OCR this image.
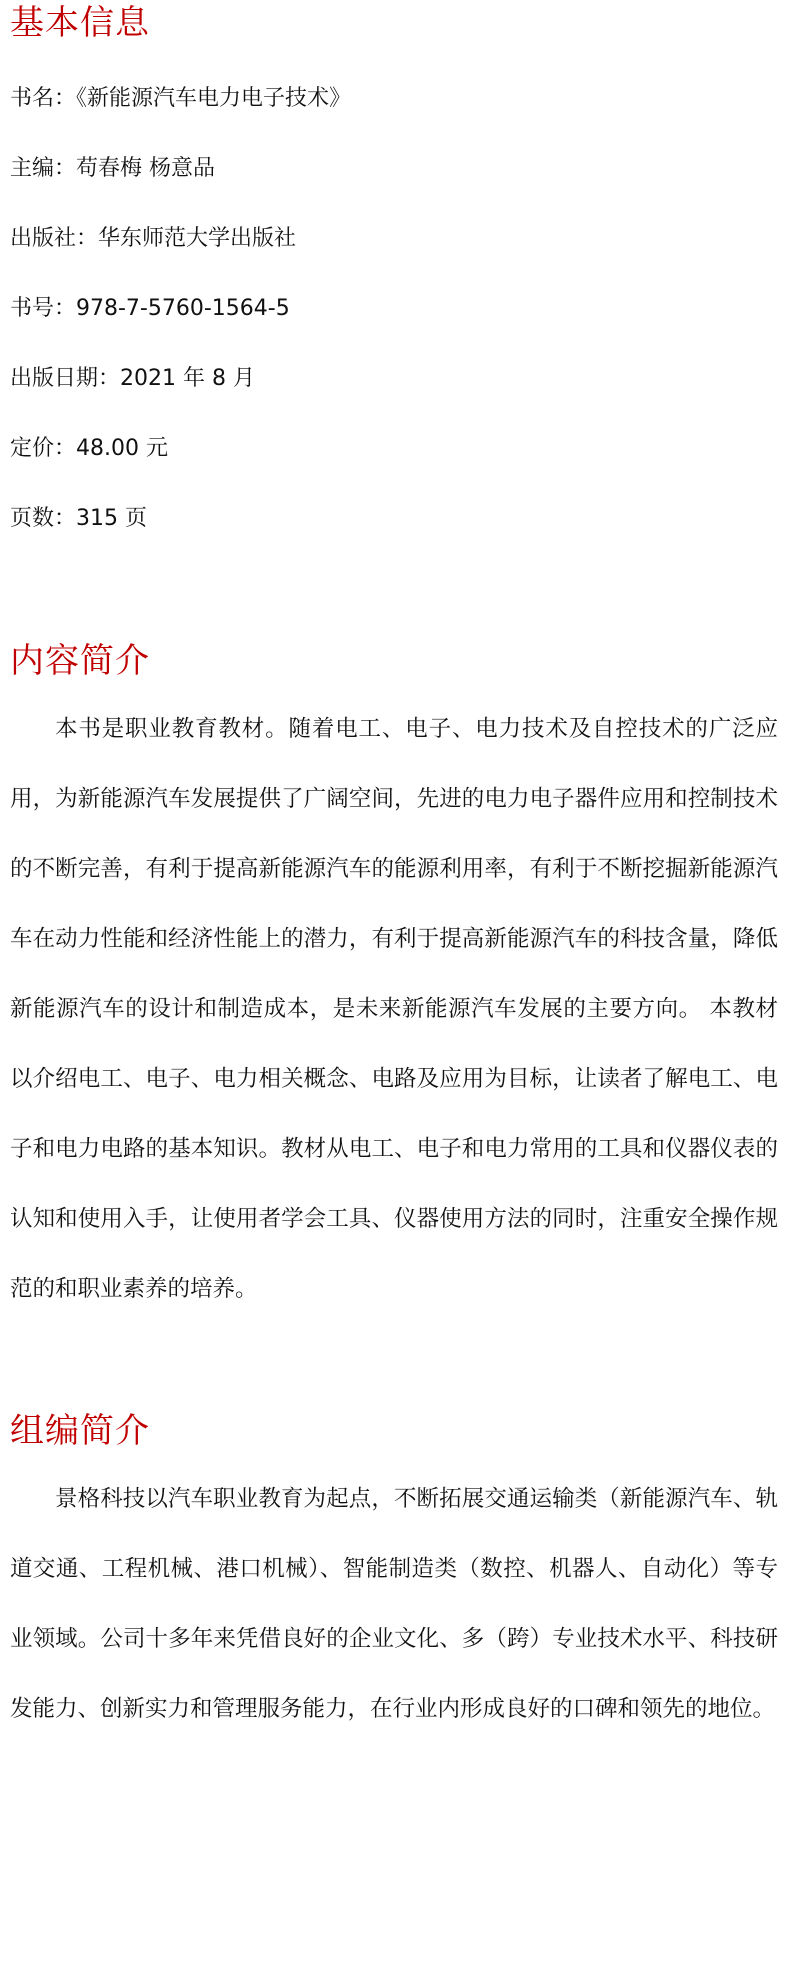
基本信息
书名：《新能源汽车电力电子技术》
主编：苟春梅 杨意品
出版社：华东师范大学出版社
书号：978-7-5760-1564-5
出版日期：2021 年 8 月
定价：48.00 元
页数：315 页
内容简介

本书是职业教育教材。随着电工、电子、电力技术及自控技术的广泛应用，为新能源汽车发展提供了广阔空间，先进的电力电子器件应用和控制技术的不断完善，有利于提高新能源汽车的能源利用率，有利于不断挖掘新能源汽车在动力性能和经济性能上的潜力，有利于提高新能源汽车的科技含量，降低新能源汽车的设计和制造成本，是未来新能源汽车发展的主要方向。 本教材以介绍电工、电子、电力相关概念、电路及应用为目标，让读者了解电工、电子和电力电路的基本知识。教材从电工、电子和电力常用的工具和仪器仪表的认知和使用入手，让使用者学会工具、仪器使用方法的同时，注重安全操作规范的和职业素养的培养。

组编简介

景格科技以汽车职业教育为起点，不断拓展交通运输类（新能源汽车、轨道交通、工程机械、港口机械）、智能制造类（数控、机器人、自动化）等专业领域。公司十多年来凭借良好的企业文化、多（跨）专业技术水平、科技研发能力、创新实力和管理服务能力，在行业内形成良好的口碑和领先的地位。
